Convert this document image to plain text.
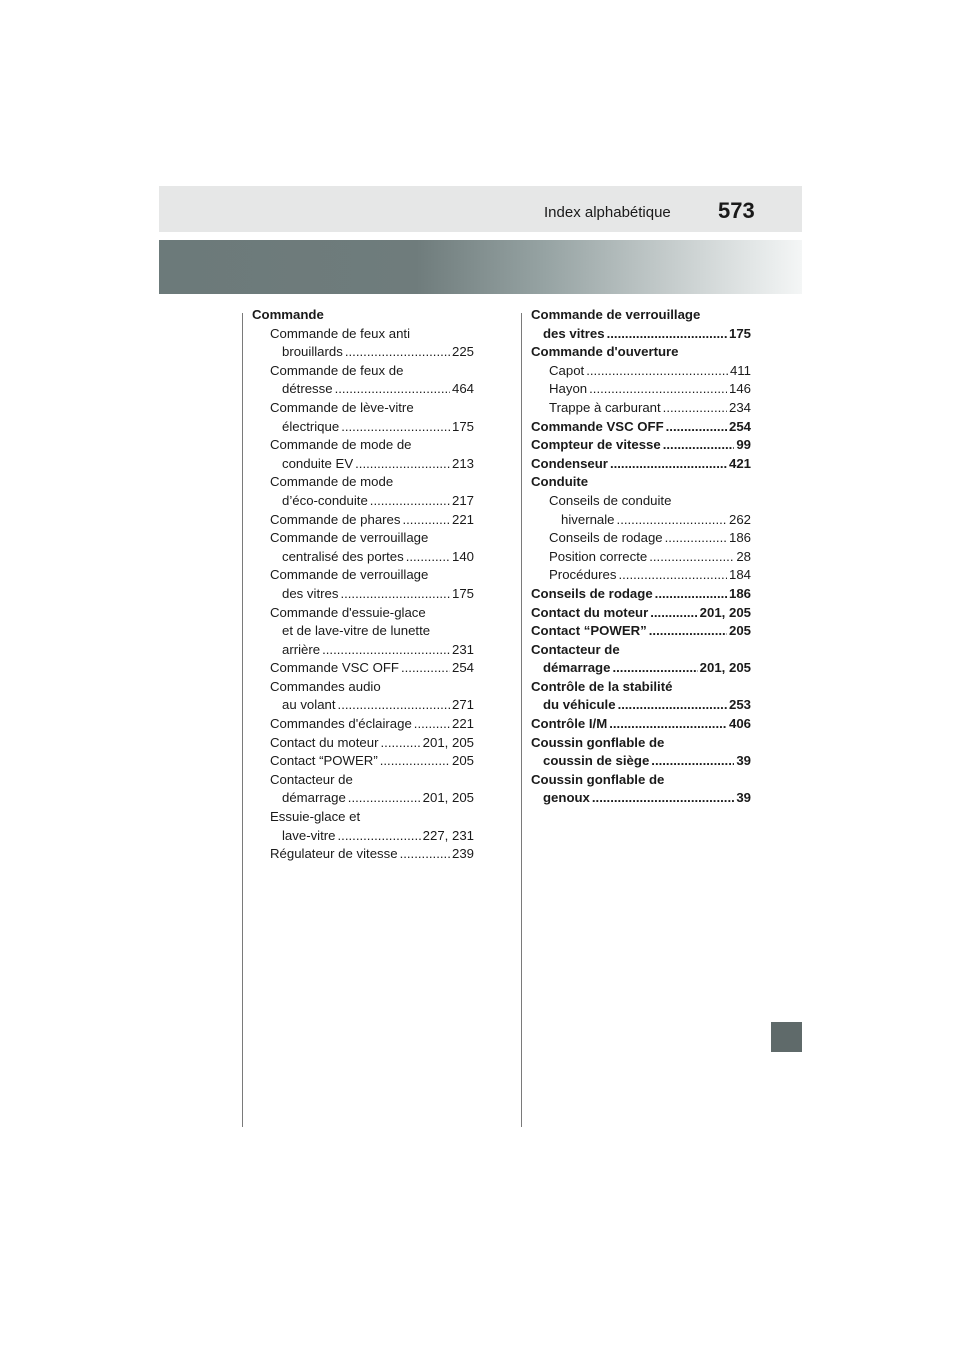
Index alphabétique 573
Commande
Commande de feux anti
brouillards .....	225
Commande de feux de
détresse .....	464
Commande de lève-vitre
électrique .....	175
Commande de mode de
conduite EV .....	213
Commande de mode
d’éco-conduite .....	217
Commande de phares .....	221
Commande de verrouillage
centralisé des portes .....	140
Commande de verrouillage
des vitres .....	175
Commande d'essuie-glace
et de lave-vitre de lunette
arrière .....	231
Commande VSC OFF .....	254
Commandes audio
au volant .....	271
Commandes d'éclairage .....	221
Contact du moteur .....	201, 205
Contact “POWER” .....	205
Contacteur de
démarrage .....	201, 205
Essuie-glace et
lave-vitre .....	227, 231
Régulateur de vitesse .....	239
Commande de verrouillage
des vitres .....	175
Commande d'ouverture
Capot .....	411
Hayon .....	146
Trappe à carburant .....	234
Commande VSC OFF .....	254
Compteur de vitesse .....	99
Condenseur .....	421
Conduite
Conseils de conduite
hivernale .....	262
Conseils de rodage .....	186
Position correcte .....	28
Procédures .....	184
Conseils de rodage .....	186
Contact du moteur .....	201, 205
Contact “POWER” .....	205
Contacteur de
démarrage .....	201, 205
Contrôle de la stabilité
du véhicule .....	253
Contrôle I/M .....	406
Coussin gonflable de
coussin de siège .....	39
Coussin gonflable de
genoux .....	39
